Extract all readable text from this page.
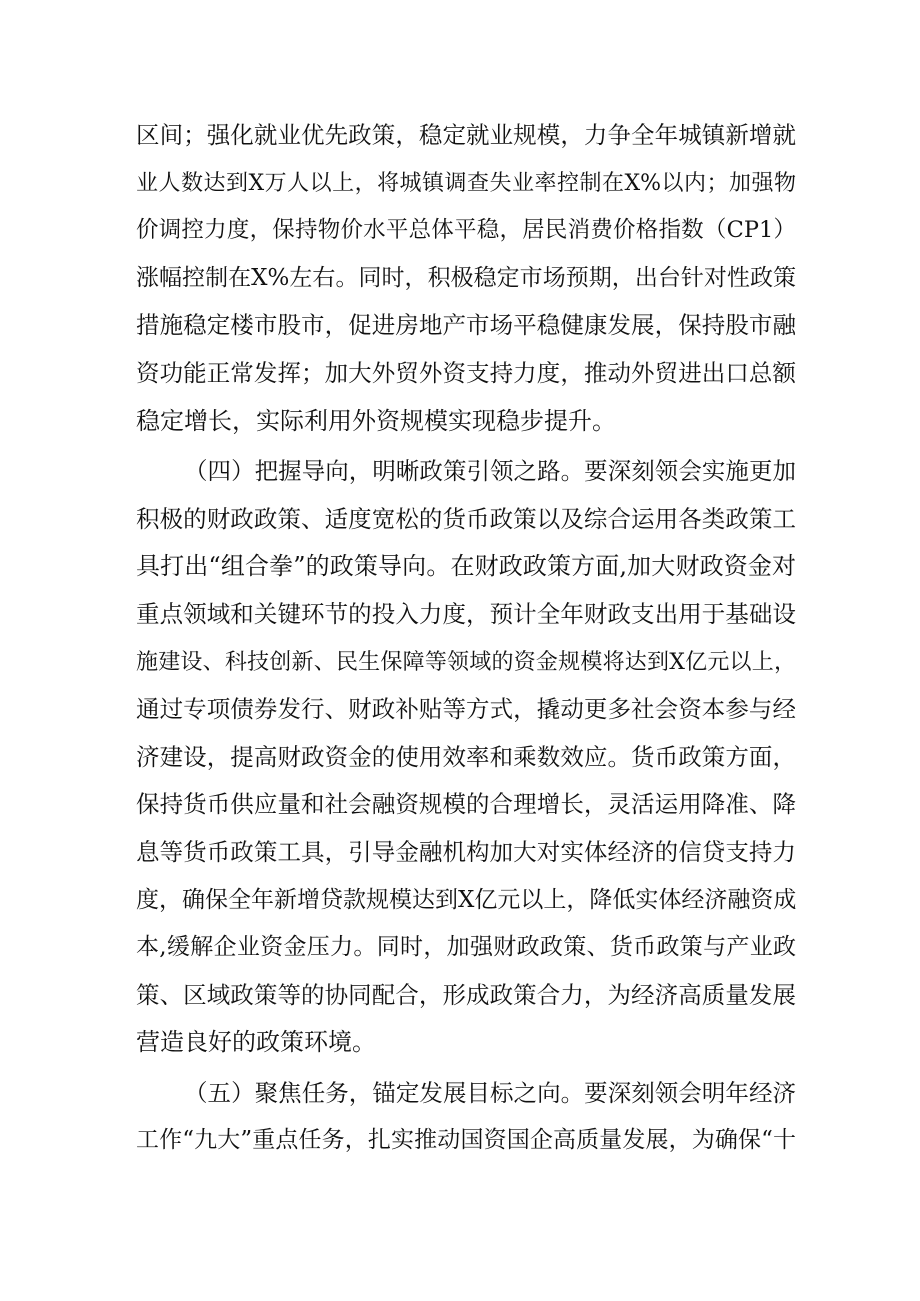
区间；强化就业优先政策，稳定就业规模，力争全年城镇新增就
业人数达到X万人以上，将城镇调查失业率控制在X%以内；加强物
价调控力度，保持物价水平总体平稳，居民消费价格指数（CP1）
涨幅控制在X%左右。同时，积极稳定市场预期，出台针对性政策
措施稳定楼市股市，促进房地产市场平稳健康发展，保持股市融
资功能正常发挥；加大外贸外资支持力度，推动外贸进出口总额
稳定增长，实际利用外资规模实现稳步提升。
（四）把握导向，明晰政策引领之路。要深刻领会实施更加
积极的财政政策、适度宽松的货币政策以及综合运用各类政策工
具打出“组合拳”的政策导向。在财政政策方面,加大财政资金对
重点领域和关键环节的投入力度，预计全年财政支出用于基础设
施建设、科技创新、民生保障等领域的资金规模将达到X亿元以上，
通过专项债券发行、财政补贴等方式，撬动更多社会资本参与经
济建设，提高财政资金的使用效率和乘数效应。货币政策方面，
保持货币供应量和社会融资规模的合理增长，灵活运用降准、降
息等货币政策工具，引导金融机构加大对实体经济的信贷支持力
度，确保全年新增贷款规模达到X亿元以上，降低实体经济融资成
本,缓解企业资金压力。同时，加强财政政策、货币政策与产业政
策、区域政策等的协同配合，形成政策合力，为经济高质量发展
营造良好的政策环境。
（五）聚焦任务，锚定发展目标之向。要深刻领会明年经济
工作“九大”重点任务，扎实推动国资国企高质量发展，为确保“十
